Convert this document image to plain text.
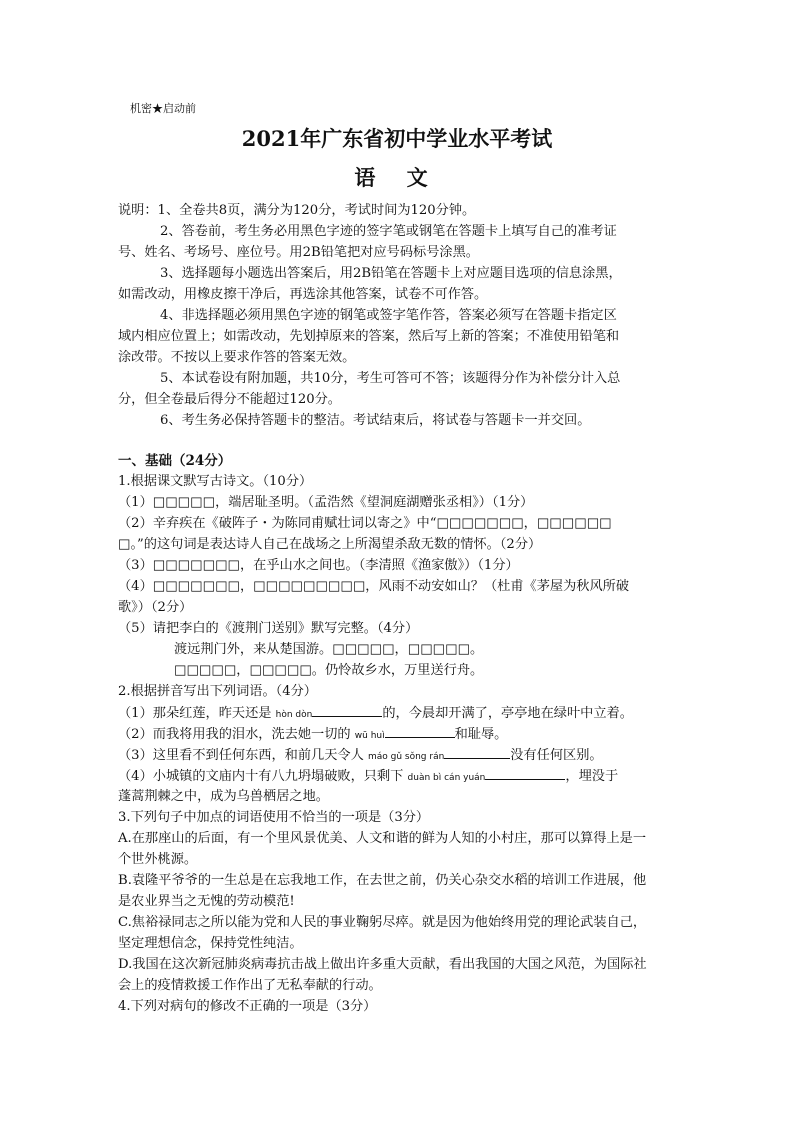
机密★启动前
2021年广东省初中学业水平考试
语 文
说明：1、全卷共8页，满分为120分，考试时间为120分钟。
2、答卷前，考生务必用黑色字迹的签字笔或钢笔在答题卡上填写自己的准考证
号、姓名、考场号、座位号。用2B铅笔把对应号码标号涂黑。
3、选择题每小题选出答案后，用2B铅笔在答题卡上对应题目选项的信息涂黑，
如需改动，用橡皮擦干净后，再选涂其他答案，试卷不可作答。
4、非选择题必须用黑色字迹的钢笔或签字笔作答，答案必须写在答题卡指定区
域内相应位置上；如需改动，先划掉原来的答案，然后写上新的答案；不准使用铅笔和
涂改带。不按以上要求作答的答案无效。
5、本试卷设有附加题，共10分，考生可答可不答；该题得分作为补偿分计入总
分，但全卷最后得分不能超过120分。
6、考生务必保持答题卡的整洁。考试结束后，将试卷与答题卡一并交回。
一、基础（24分）
1.根据课文默写古诗文。（10分）
（1）□□□□□，端居耻圣明。（孟浩然《望洞庭湖赠张丞相》）（1分）
（2）辛弃疾在《破阵子・为陈同甫赋壮词以寄之》中“□□□□□□□，□□□□□□
□。”的这句词是表达诗人自己在战场之上所渴望杀敌无数的情怀。（2分）
（3）□□□□□□□，在乎山水之间也。（李清照《渔家傲》）（1分）
（4）□□□□□□□，□□□□□□□□□，风雨不动安如山？（杜甫《茅屋为秋风所破
歌》）（2分）
（5）请把李白的《渡荆门送别》默写完整。（4分）
渡远荆门外，来从楚国游。□□□□□，□□□□□。
□□□□□，□□□□□。仍怜故乡水，万里送行舟。
2.根据拼音写出下列词语。（4分）
（1）那朵红莲，昨天还是 hòn dòn	的，今晨却开满了，亭亭地在绿叶中立着。
（2）而我将用我的泪水，洗去她一切的 wū huì	和耻辱。
（3）这里看不到任何东西，和前几天令人 máo gǔ sǒng rán	没有任何区别。
（4）小城镇的文庙内十有八九坍塌破败，只剩下 duàn bì cán yuán	，埋没于
蓬蒿荆棘之中，成为乌兽栖居之地。
3.下列句子中加点的词语使用不恰当的一项是（3分）
A.在那座山的后面，有一个里风景优美、人文和谐的鲜为人知的小村庄，那可以算得上是一
个世外桃源。
B.袁隆平爷爷的一生总是在忘我地工作，在去世之前，仍关心杂交水稻的培训工作进展，他
是农业界当之无愧的劳动模范!
C.焦裕禄同志之所以能为党和人民的事业鞠躬尽瘁。就是因为他始终用党的理论武装自己，
坚定理想信念，保持党性纯洁。
D.我国在这次新冠肺炎病毒抗击战上做出许多重大贡献，看出我国的大国之风范，为国际社
会上的疫情救援工作作出了无私奉献的行动。
4.下列对病句的修改不正确的一项是（3分）
